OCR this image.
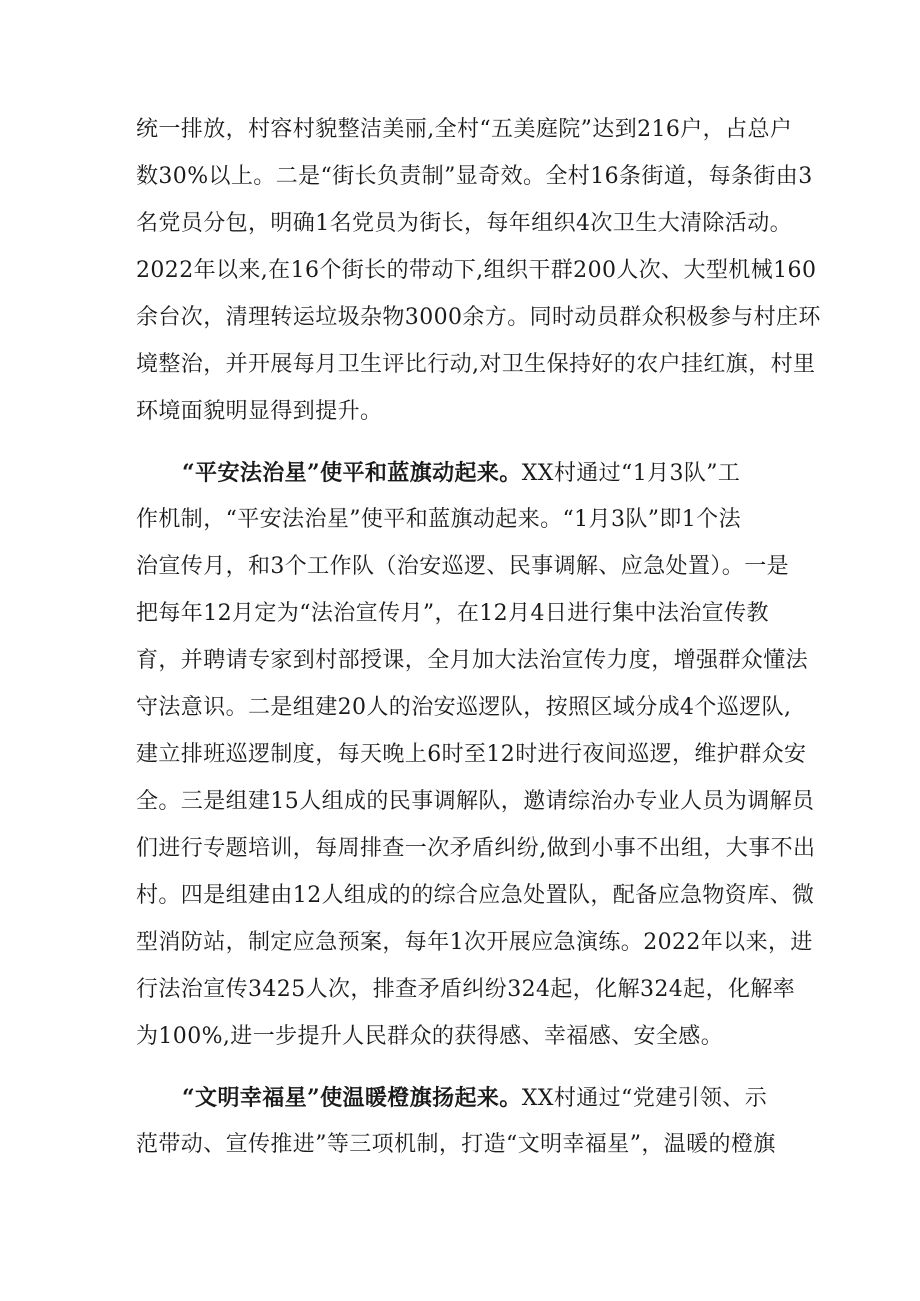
统一排放，村容村貌整洁美丽,全村“五美庭院”达到216户，占总户
数30%以上。二是“街长负责制”显奇效。全村16条街道，每条街由3
名党员分包，明确1名党员为街长，每年组织4次卫生大清除活动。
2022年以来,在16个街长的带动下,组织干群200人次、大型机械160
余台次，清理转运垃圾杂物3000余方。同时动员群众积极参与村庄环
境整治，并开展每月卫生评比行动,对卫生保持好的农户挂红旗，村里
环境面貌明显得到提升。
“平安法治星”使平和蓝旗动起来。XX村通过“1月3队”工
作机制，“平安法治星”使平和蓝旗动起来。“1月3队”即1个法
治宣传月，和3个工作队（治安巡逻、民事调解、应急处置）。一是
把每年12月定为“法治宣传月”，在12月4日进行集中法治宣传教
育，并聘请专家到村部授课，全月加大法治宣传力度，增强群众懂法
守法意识。二是组建20人的治安巡逻队，按照区域分成4个巡逻队,
建立排班巡逻制度，每天晚上6时至12时进行夜间巡逻，维护群众安
全。三是组建15人组成的民事调解队，邀请综治办专业人员为调解员
们进行专题培训，每周排查一次矛盾纠纷,做到小事不出组，大事不出
村。四是组建由12人组成的的综合应急处置队，配备应急物资库、微
型消防站，制定应急预案，每年1次开展应急演练。2022年以来，进
行法治宣传3425人次，排查矛盾纠纷324起，化解324起，化解率
为100%,进一步提升人民群众的获得感、幸福感、安全感。
“文明幸福星”使温暖橙旗扬起来。XX村通过“党建引领、示
范带动、宣传推进”等三项机制，打造“文明幸福星”，温暖的橙旗
